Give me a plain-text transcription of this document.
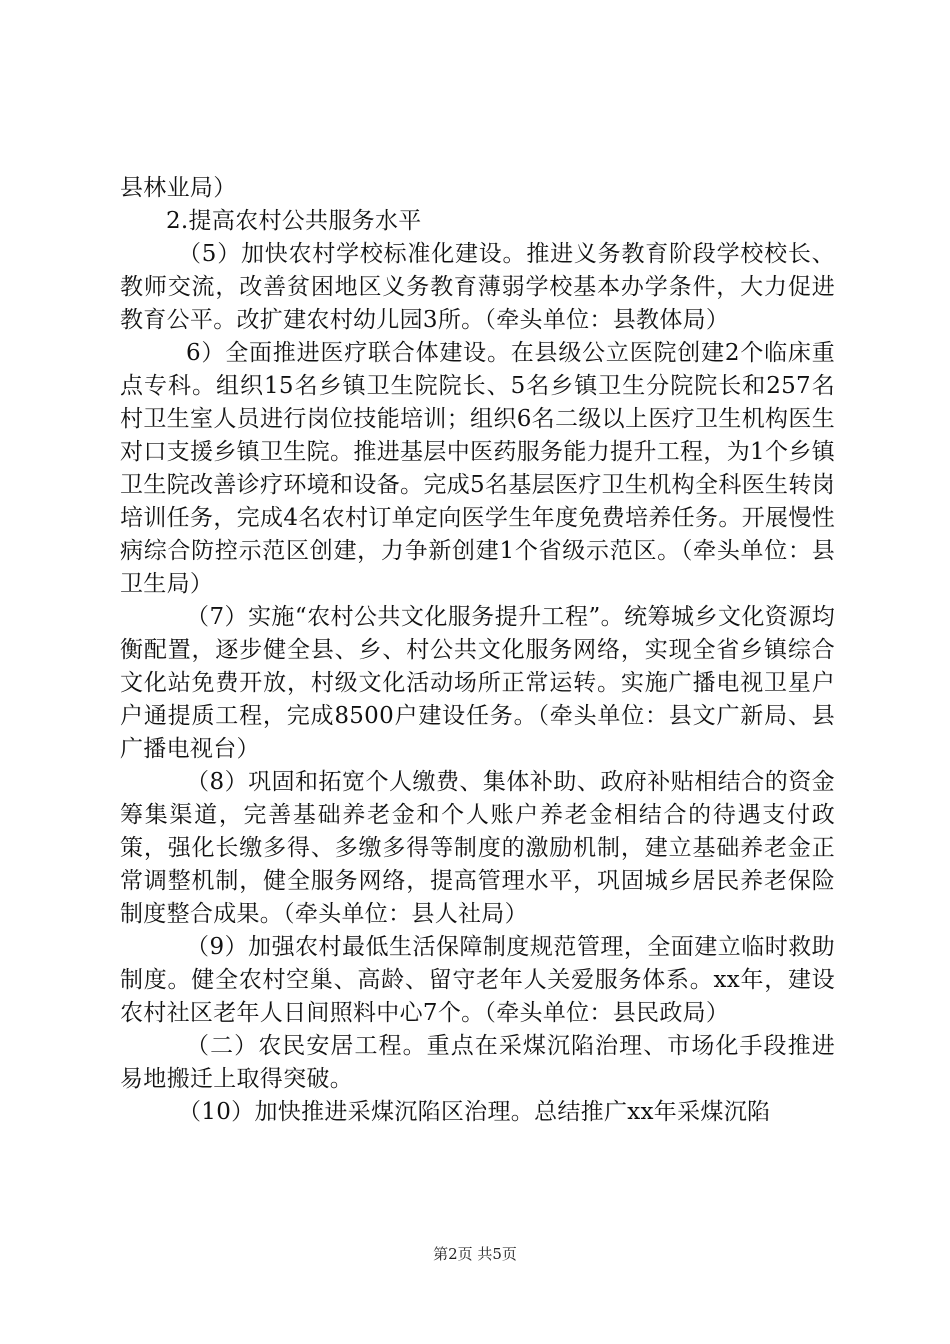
县林业局）

2.提高农村公共服务水平

（5）加快农村学校标准化建设。推进义务教育阶段学校校长、教师交流，改善贫困地区义务教育薄弱学校基本办学条件，大力促进教育公平。改扩建农村幼儿园3所。（牵头单位：县教体局）

6）全面推进医疗联合体建设。在县级公立医院创建2个临床重点专科。组织15名乡镇卫生院院长、5名乡镇卫生分院院长和257名村卫生室人员进行岗位技能培训；组织6名二级以上医疗卫生机构医生对口支援乡镇卫生院。推进基层中医药服务能力提升工程，为1个乡镇卫生院改善诊疗环境和设备。完成5名基层医疗卫生机构全科医生转岗培训任务，完成4名农村订单定向医学生年度免费培养任务。开展慢性病综合防控示范区创建，力争新创建1个省级示范区。（牵头单位：县卫生局）

（7）实施“农村公共文化服务提升工程”。统筹城乡文化资源均衡配置，逐步健全县、乡、村公共文化服务网络，实现全省乡镇综合文化站免费开放，村级文化活动场所正常运转。实施广播电视卫星户户通提质工程，完成8500户建设任务。（牵头单位：县文广新局、县广播电视台）

（8）巩固和拓宽个人缴费、集体补助、政府补贴相结合的资金筹集渠道，完善基础养老金和个人账户养老金相结合的待遇支付政策，强化长缴多得、多缴多得等制度的激励机制，建立基础养老金正常调整机制，健全服务网络，提高管理水平，巩固城乡居民养老保险制度整合成果。（牵头单位：县人社局）

（9）加强农村最低生活保障制度规范管理，全面建立临时救助制度。健全农村空巢、高龄、留守老年人关爱服务体系。xx年，建设农村社区老年人日间照料中心7个。（牵头单位：县民政局）

（二）农民安居工程。重点在采煤沉陷治理、市场化手段推进易地搬迁上取得突破。

（10）加快推进采煤沉陷区治理。总结推广xx年采煤沉陷

第2页 共5页
